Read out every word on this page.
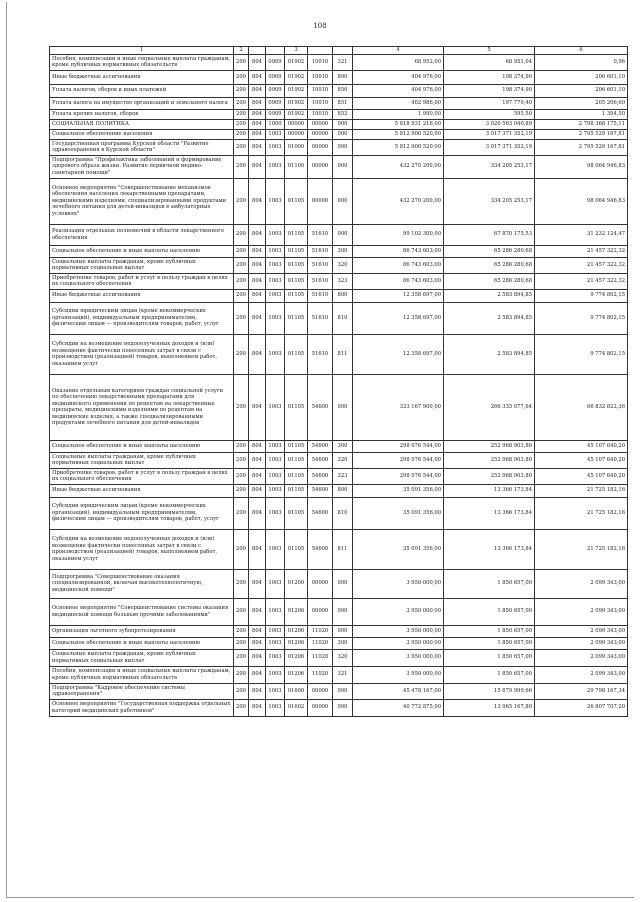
108
1	2			3			4	5	6
Пособия, компенсации и иные социальные выплаты гражданам, кроме публичных нормативных обязательств	200	804	0909	01902	10010	321	68 952,00	68 951,04	0,96
Иные бюджетные ассигнования	200	804	0909	01902	10010	800	404 976,00	198 374,90	206 601,10
Уплата налогов, сборов и иных платежей	200	804	0909	01902	10010	850	404 976,00	198 374,90	206 601,10
Уплата налога на имущество организаций и земельного налога	200	804	0909	01902	10010	851	402 986,00	197 779,40	205 206,60
Уплата прочих налогов, сборов	200	804	0909	01902	10010	852	1 990,00	595,50	1 394,50
СОЦИАЛЬНАЯ ПОЛИТИКА	200	804	1000	00000	00000	000	5 818 931 216,00	3 020 563 040,89	2 798 368 175,11
Социальное обеспечение населения	200	804	1003	00000	00000	000	5 812 900 520,00	3 017 371 352,19	2 795 529 167,81
Государственная программа Курской области "Развитие здравоохранения в Курской области"	200	804	1003	01000	00000	000	5 812 900 520,00	3 017 371 352,19	2 795 529 167,81
Подпрограмма "Профилактика заболеваний и формирование здорового образа жизни. Развитие первичной медико-санитарной помощи"	200	804	1003	01100	00000	000	432 270 200,00	334 205 253,17	98 064 946,83
Основное мероприятие "Совершенствование механизмов обеспечения населения лекарственными препаратами, медицинскими изделиями, специализированными продуктами лечебного питания для детей-инвалидов в амбулаторных условиях"	200	804	1003	01105	00000	000	432 270 200,00	334 205 253,17	98 064 946,83
Реализация отдельных полномочий в области лекарственного обеспечения	200	804	1003	01105	51610	000	99 102 300,00	67 870 175,53	31 232 124,47
Социальное обеспечение и иные выплаты населению	200	804	1003	01105	51610	300	86 743 603,00	65 286 280,68	21 457 322,32
Социальные выплаты гражданам, кроме публичных нормативных социальных выплат	200	804	1003	01105	51610	320	86 743 603,00	65 286 280,68	21 457 322,32
Приобретение товаров, работ и услуг в пользу граждан в целях их социального обеспечения	200	804	1003	01105	51610	323	86 743 603,00	65 286 280,68	21 457 322,32
Иные бюджетные ассигнования	200	804	1003	01105	51610	800	12 358 697,00	2 583 894,85	9 774 802,15
Субсидии юридическим лицам (кроме некоммерческих организаций), индивидуальным предпринимателям, физическим лицам — производителям товаров, работ, услуг	200	804	1003	01105	51610	810	12 358 697,00	2 583 894,85	9 774 802,15
Субсидии на возмещение недополученных доходов и (или) возмещение фактически понесенных затрат в связи с производством (реализацией) товаров, выполнением работ, оказанием услуг	200	804	1003	01105	51610	811	12 358 697,00	2 583 894,85	9 774 802,15
Оказание отдельным категориям граждан социальной услуги по обеспечению лекарственными препаратами для медицинского применения по рецептам на лекарственные препараты, медицинскими изделиями по рецептам на медицинские изделия, а также специализированными продуктами лечебного питания для детей-инвалидов	200	804	1003	01105	54600	000	333 167 900,00	266 335 077,64	66 832 822,36
Социальное обеспечение и иные выплаты населению	200	804	1003	01105	54600	300	298 076 544,00	252 968 903,80	45 107 640,20
Социальные выплаты гражданам, кроме публичных нормативных социальных выплат	200	804	1003	01105	54600	320	298 076 544,00	252 968 903,80	45 107 640,20
Приобретение товаров, работ и услуг в пользу граждан в целях их социального обеспечения	200	804	1003	01105	54600	323	298 076 544,00	252 968 903,80	45 107 640,20
Иные бюджетные ассигнования	200	804	1003	01105	54600	800	35 091 356,00	13 366 173,84	21 725 182,16
Субсидии юридическим лицам (кроме некоммерческих организаций), индивидуальным предпринимателям, физическим лицам — производителям товаров, работ, услуг	200	804	1003	01105	54600	810	35 091 356,00	13 366 173,84	21 725 182,16
Субсидии на возмещение недополученных доходов и (или) возмещение фактически понесенных затрат в связи с производством (реализацией) товаров, выполнением работ, оказанием услуг	200	804	1003	01105	54600	811	35 091 356,00	13 366 173,84	21 725 182,16
Подпрограмма "Совершенствование оказания специализированной, включая высокотехнологичную, медицинской помощи"	200	804	1003	01200	00000	000	3 950 000,00	1 850 657,00	2 099 343,00
Основное мероприятие "Совершенствование системы оказания медицинской помощи больным прочими заболеваниями"	200	804	1003	01206	00000	000	3 950 000,00	1 850 657,00	2 099 343,00
Организация льготного зубопротезирования	200	804	1003	01206	11020	000	3 950 000,00	1 850 657,00	2 099 343,00
Социальное обеспечение и иные выплаты населению	200	804	1003	01206	11020	300	3 950 000,00	1 850 657,00	2 099 343,00
Социальные выплаты гражданам, кроме публичных нормативных социальных выплат	200	804	1003	01206	11020	320	3 950 000,00	1 850 657,00	2 099 343,00
Пособия, компенсации и иные социальные выплаты гражданам, кроме публичных нормативных обязательств	200	804	1003	01206	11020	321	3 950 000,00	1 850 657,00	2 099 343,00
Подпрограмма "Кадровое обеспечение системы здравоохранения"	200	804	1003	01600	00000	000	45 478 167,00	15 679 999,66	29 798 167,34
Основное мероприятие "Государственная поддержка отдельных категорий медицинских работников"	200	804	1003	01602	00000	000	40 772 875,00	13 965 167,80	26 807 707,20
